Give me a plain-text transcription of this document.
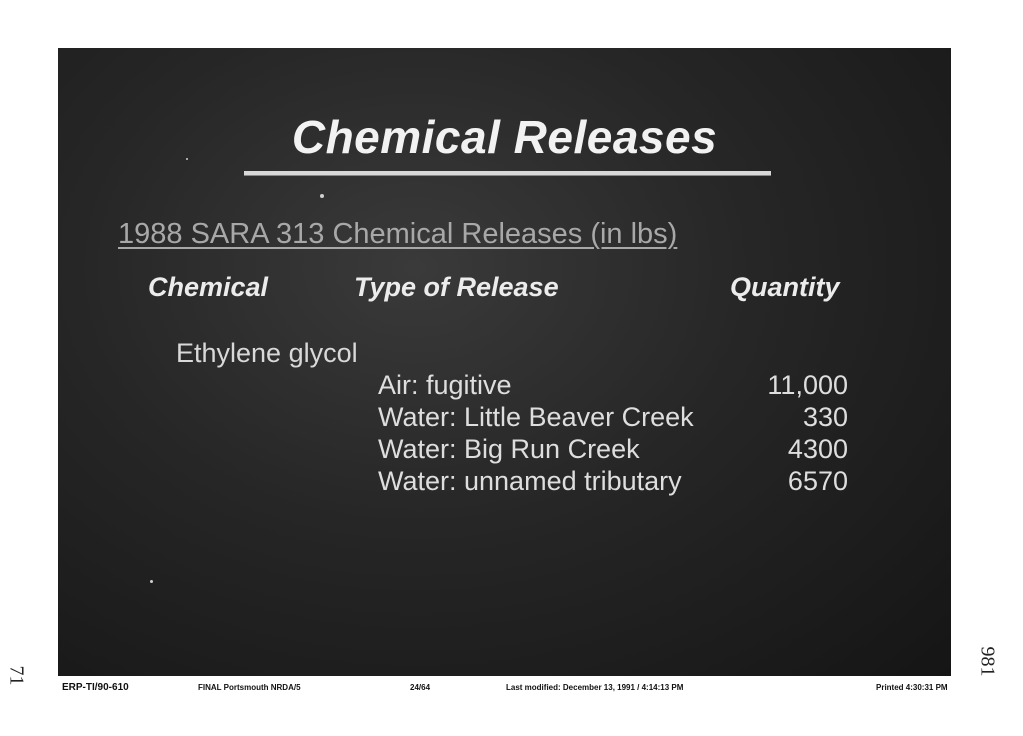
Chemical Releases
1988 SARA 313 Chemical Releases (in lbs)
Chemical	Type of Release	Quantity
Ethylene glycol
Air: fugitive	11,000
Water: Little Beaver Creek	330
Water: Big Run Creek	4300
Water: unnamed tributary	6570
ERP-TI/90-610	FINAL Portsmouth NRDA/5	24/64	Last modified: December 13, 1991 / 4:14:13 PM	Printed 4:30:31 PM
71	981
